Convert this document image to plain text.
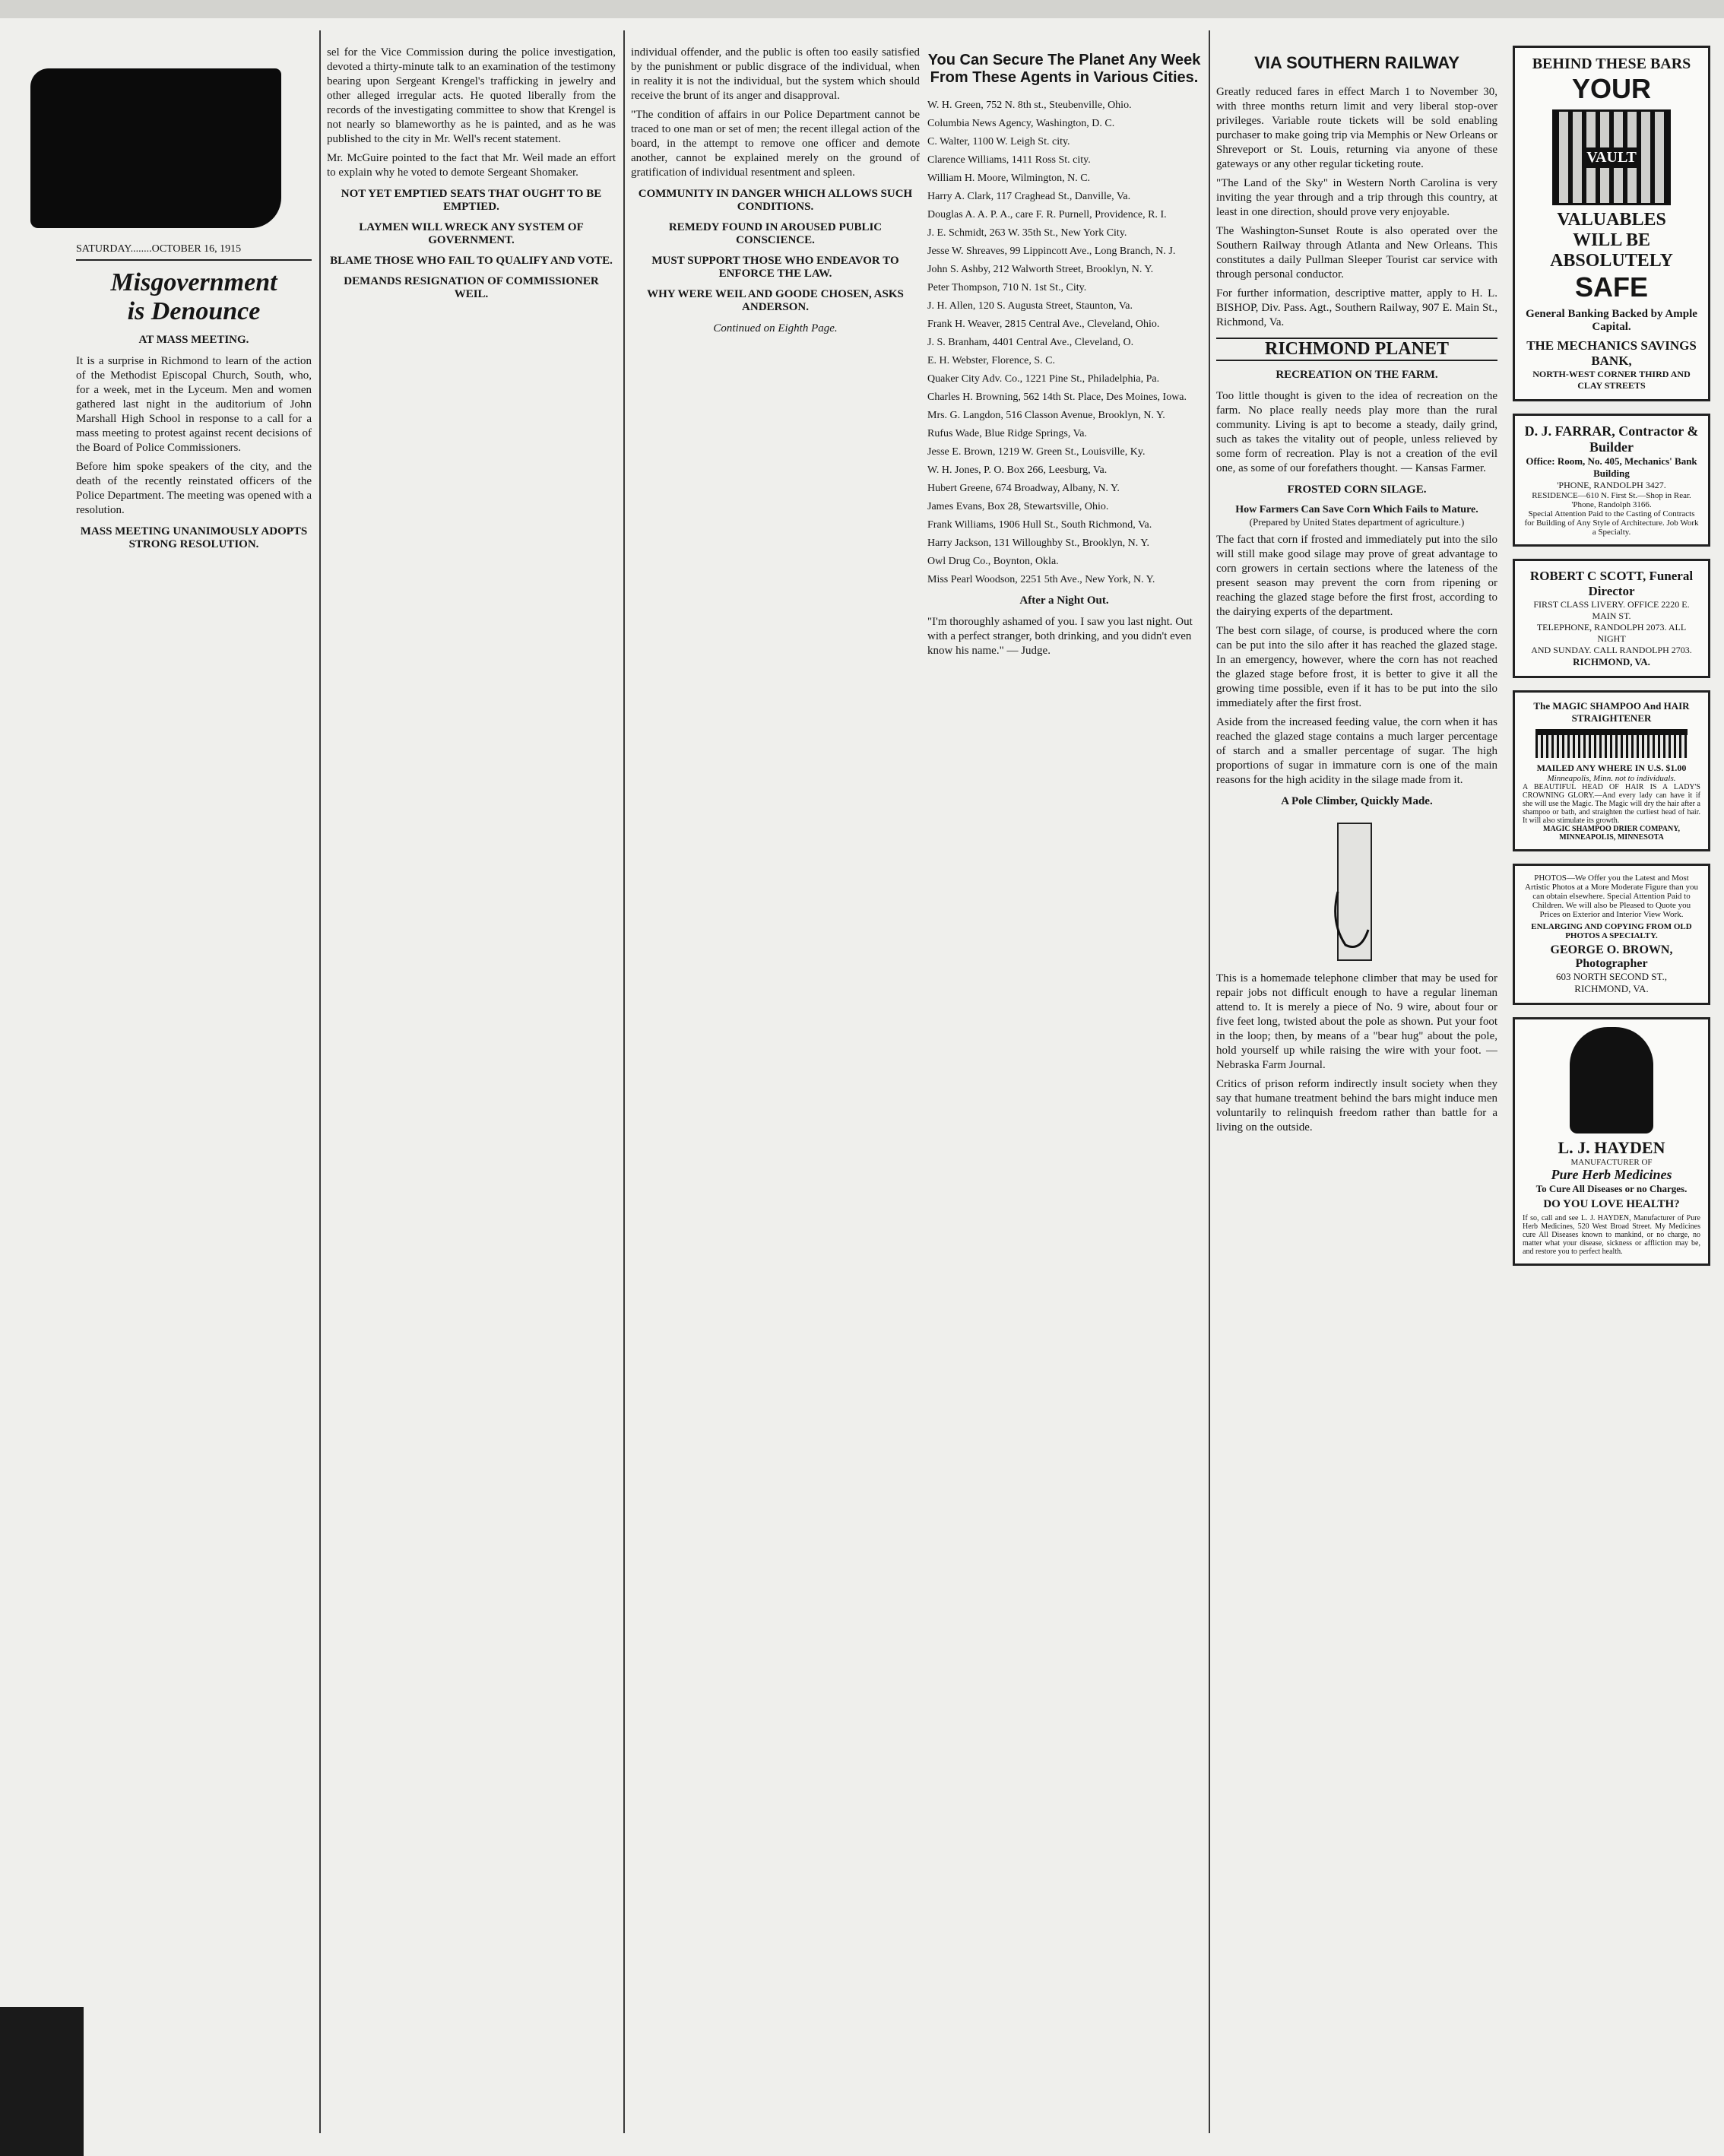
SATURDAY........OCTOBER 16, 1915
Misgovernment
is Denounce
AT MASS MEETING.

It is a surprise in Richmond to learn of the action of the Methodist Episcopal Church, South, who, for a week, met in the Lyceum. Men and women gathered last night in the auditorium of John Marshall High School in response to a call for a mass meeting to protest against recent decisions of the Board of Police Commissioners.

Before him spoke speakers of the city, and the death of the recently reinstated officers of the Police Department. The meeting was opened with a resolution.

MASS MEETING UNANIMOUSLY ADOPTS STRONG RESOLUTION.

sel for the Vice Commission during the police investigation, devoted a thirty-minute talk to an examination of the testimony bearing upon Sergeant Krengel's trafficking in jewelry and other alleged irregular acts. He quoted liberally from the records of the investigating committee to show that Krengel is not nearly so blameworthy as he is painted, and as he was published to the city in Mr. Well's recent statement.

Mr. McGuire pointed to the fact that Mr. Weil made an effort to explain why he voted to demote Sergeant Shomaker.

NOT YET EMPTIED SEATS THAT OUGHT TO BE EMPTIED.
LAYMEN WILL WRECK ANY SYSTEM OF GOVERNMENT.
BLAME THOSE WHO FAIL TO QUALIFY AND VOTE.
DEMANDS RESIGNATION OF COMMISSIONER WEIL.

individual offender, and the public is often too easily satisfied by the punishment or public disgrace of the individual, when in reality it is not the individual, but the system which should receive the brunt of its anger and disapproval.

"The condition of affairs in our Police Department cannot be traced to one man or set of men; the recent illegal action of the board, in the attempt to remove one officer and demote another, cannot be explained merely on the ground of gratification of individual resentment and spleen.

COMMUNITY IN DANGER WHICH ALLOWS SUCH CONDITIONS.
REMEDY FOUND IN AROUSED PUBLIC CONSCIENCE.
MUST SUPPORT THOSE WHO ENDEAVOR TO ENFORCE THE LAW.
WHY WERE WEIL AND GOODE CHOSEN, ASKS ANDERSON.

Continued on Eighth Page.

You Can Secure The Planet Any Week From These Agents in Various Cities.

W. H. Green, 752 N. 8th st., Steubenville, Ohio.

Columbia News Agency, Washington, D. C.

C. Walter, 1100 W. Leigh St. city.

Clarence Williams, 1411 Ross St. city.

William H. Moore, Wilmington, N. C.

Harry A. Clark, 117 Craghead St., Danville, Va.

Douglas A. A. P. A., care F. R. Purnell, Providence, R. I.

J. E. Schmidt, 263 W. 35th St., New York City.

Jesse W. Shreaves, 99 Lippincott Ave., Long Branch, N. J.

John S. Ashby, 212 Walworth Street, Brooklyn, N. Y.

Peter Thompson, 710 N. 1st St., City.

J. H. Allen, 120 S. Augusta Street, Staunton, Va.

Frank H. Weaver, 2815 Central Ave., Cleveland, Ohio.

J. S. Branham, 4401 Central Ave., Cleveland, O.

E. H. Webster, Florence, S. C.

Quaker City Adv. Co., 1221 Pine St., Philadelphia, Pa.

Charles H. Browning, 562 14th St. Place, Des Moines, Iowa.

Mrs. G. Langdon, 516 Classon Avenue, Brooklyn, N. Y.

Rufus Wade, Blue Ridge Springs, Va.

Jesse E. Brown, 1219 W. Green St., Louisville, Ky.

W. H. Jones, P. O. Box 266, Leesburg, Va.

Hubert Greene, 674 Broadway, Albany, N. Y.

James Evans, Box 28, Stewartsville, Ohio.

Frank Williams, 1906 Hull St., South Richmond, Va.

Harry Jackson, 131 Willoughby St., Brooklyn, N. Y.

Owl Drug Co., Boynton, Okla.

Miss Pearl Woodson, 2251 5th Ave., New York, N. Y.

After a Night Out.

"I'm thoroughly ashamed of you. I saw you last night. Out with a perfect stranger, both drinking, and you didn't even know his name." — Judge.

VIA SOUTHERN RAILWAY

Greatly reduced fares in effect March 1 to November 30, with three months return limit and very liberal stop-over privileges. Variable route tickets will be sold enabling purchaser to make going trip via Memphis or New Orleans or Shreveport or St. Louis, returning via anyone of these gateways or any other regular ticketing route.

"The Land of the Sky" in Western North Carolina is very inviting the year through and a trip through this country, at least in one direction, should prove very enjoyable.

The Washington-Sunset Route is also operated over the Southern Railway through Atlanta and New Orleans. This constitutes a daily Pullman Sleeper Tourist car service with through personal conductor.

For further information, descriptive matter, apply to H. L. BISHOP, Div. Pass. Agt., Southern Railway, 907 E. Main St., Richmond, Va.

RICHMOND PLANET
RECREATION ON THE FARM.

Too little thought is given to the idea of recreation on the farm. No place really needs play more than the rural community. Living is apt to become a steady, daily grind, such as takes the vitality out of people, unless relieved by some form of recreation. Play is not a creation of the evil one, as some of our forefathers thought. — Kansas Farmer.

FROSTED CORN SILAGE.
How Farmers Can Save Corn Which Fails to Mature.
(Prepared by United States department of agriculture.)

The fact that corn if frosted and immediately put into the silo will still make good silage may prove of great advantage to corn growers in certain sections where the lateness of the present season may prevent the corn from ripening or reaching the glazed stage before the first frost, according to the dairying experts of the department.

The best corn silage, of course, is produced where the corn can be put into the silo after it has reached the glazed stage. In an emergency, however, where the corn has not reached the glazed stage before frost, it is better to give it all the growing time possible, even if it has to be put into the silo immediately after the first frost.

Aside from the increased feeding value, the corn when it has reached the glazed stage contains a much larger percentage of starch and a smaller percentage of sugar. The high proportions of sugar in immature corn is one of the main reasons for the high acidity in the silage made from it.

A Pole Climber, Quickly Made.

This is a homemade telephone climber that may be used for repair jobs not difficult enough to have a regular lineman attend to. It is merely a piece of No. 9 wire, about four or five feet long, twisted about the pole as shown. Put your foot in the loop; then, by means of a "bear hug" about the pole, hold yourself up while raising the wire with your foot. — Nebraska Farm Journal.

Critics of prison reform indirectly insult society when they say that humane treatment behind the bars might induce men voluntarily to relinquish freedom rather than battle for a living on the outside.

BEHIND THESE BARS
YOUR
VAULT
VALUABLES
WILL BE
ABSOLUTELY
SAFE
General Banking Backed by Ample Capital.
THE MECHANICS SAVINGS BANK,
NORTH-WEST CORNER THIRD AND CLAY STREETS
D. J. FARRAR, Contractor & Builder
Office: Room, No. 405, Mechanics' Bank Building
'PHONE, RANDOLPH 3427.
RESIDENCE—610 N. First St.—Shop in Rear. 'Phone, Randolph 3166.
Special Attention Paid to the Casting of Contracts for Building of Any Style of Architecture. Job Work a Specialty.
ROBERT C SCOTT, Funeral Director
FIRST CLASS LIVERY. OFFICE 2220 E. MAIN ST.
TELEPHONE, RANDOLPH 2073. ALL NIGHT
AND SUNDAY. CALL RANDOLPH 2703.
RICHMOND, VA.
The MAGIC SHAMPOO And HAIR STRAIGHTENER
MAILED ANY WHERE IN U.S. $1.00
Minneapolis, Minn. not to individuals.
A BEAUTIFUL HEAD OF HAIR IS A LADY'S CROWNING GLORY.—And every lady can have it if she will use the Magic. The Magic will dry the hair after a shampoo or bath, and straighten the curliest head of hair. It will also stimulate its growth.
MAGIC SHAMPOO DRIER COMPANY, MINNEAPOLIS, MINNESOTA
PHOTOS—We Offer you the Latest and Most Artistic Photos at a More Moderate Figure than you can obtain elsewhere. Special Attention Paid to Children. We will also be Pleased to Quote you Prices on Exterior and Interior View Work.
ENLARGING AND COPYING FROM OLD PHOTOS A SPECIALTY.
GEORGE O. BROWN, Photographer
603 NORTH SECOND ST.,
RICHMOND, VA.
L. J. HAYDEN
MANUFACTURER OF
Pure Herb Medicines
To Cure All Diseases or no Charges.
DO YOU LOVE HEALTH?
If so, call and see L. J. HAYDEN, Manufacturer of Pure Herb Medicines, 520 West Broad Street. My Medicines cure All Diseases known to mankind, or no charge, no matter what your disease, sickness or affliction may be, and restore you to perfect health.
